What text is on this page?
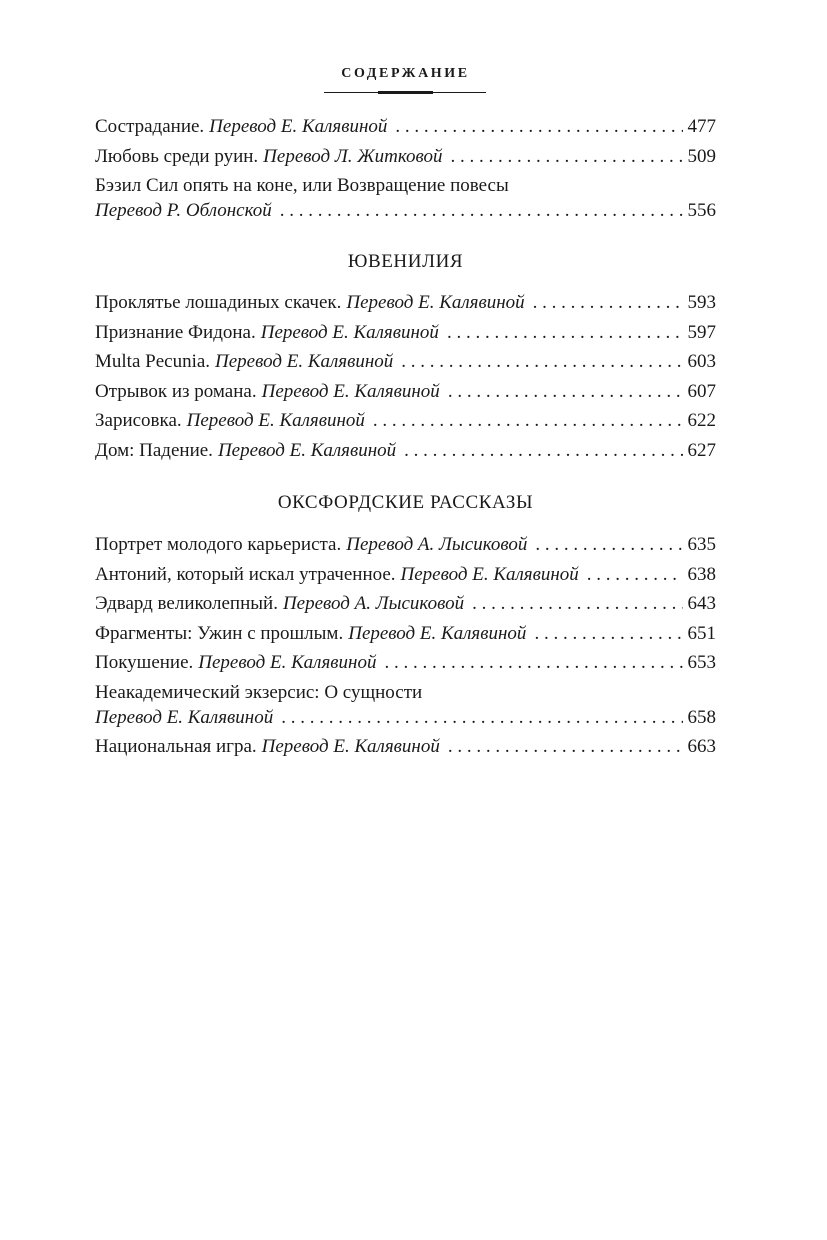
СОДЕРЖАНИЕ
Сострадание. Перевод Е. Калявиной . . .	477
Любовь среди руин. Перевод Л. Житковой . . .	509
Бэзил Сил опять на коне, или Возвращение повесы
Перевод Р. Облонской . . .	556
ЮВЕНИЛИЯ
Проклятье лошадиных скачек. Перевод Е. Калявиной . . .	593
Признание Фидона. Перевод Е. Калявиной . . .	597
Multa Pecunia. Перевод Е. Калявиной . . .	603
Отрывок из романа. Перевод Е. Калявиной . . .	607
Зарисовка. Перевод Е. Калявиной . . .	622
Дом: Падение. Перевод Е. Калявиной . . .	627
ОКСФОРДСКИЕ РАССКАЗЫ
Портрет молодого карьериста. Перевод А. Лысиковой . . .	635
Антоний, который искал утраченное. Перевод Е. Калявиной . . .	638
Эдвард великолепный. Перевод А. Лысиковой . . .	643
Фрагменты: Ужин с прошлым. Перевод Е. Калявиной . . .	651
Покушение. Перевод Е. Калявиной . . .	653
Неакадемический экзерсис: О сущности
Перевод Е. Калявиной . . .	658
Национальная игра. Перевод Е. Калявиной . . .	663
